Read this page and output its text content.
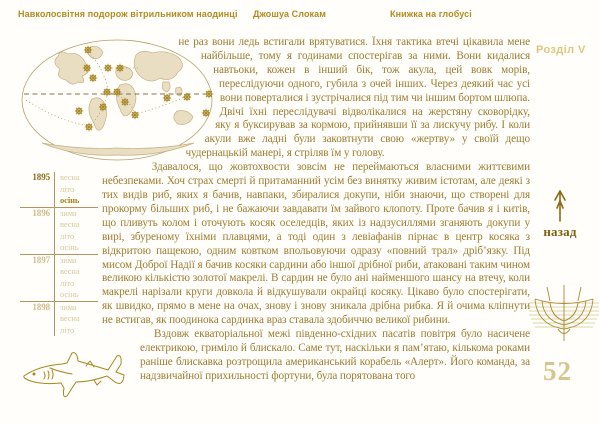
Навколосвітня подорож вітрильником наодинці Джошуа Слокам	Книжка на глобусі
Розділ V

не раз вони ледь встигали врятуватися. Їхня тактика втечі цікавила мене найбільше, тому я годинами спостерігав за ними. Вони кидалися навтьоки, кожен в інший бік, тож акула, цей вовк морів, переслідуючи одного, губила з очей інших. Через деякий час усі вони поверталися і зустрічалися під тим чи іншим бортом шлюпа. Двічі їхні переслідувачі відволікалися на жерстяну сковорідку, яку я буксирував за кормою, прийнявши її за лискучу рибу. І коли акули вже ладні були заковтнути свою «жертву» у своїй дещо чудернацькій манері, я стріляв їм у голову.

1895	весна
літо
осінь
1896	зима
весна
літо
осінь
1897	зима
весна
літо
осінь
1898	зима
весна
літо

Здавалося, що жовтохвости зовсім не переймаються власними життєвими небезпеками. Хоч страх смерті й притаманний усім без винятку живим істотам, але деякі з тих видів риб, яких я бачив, навпаки, збиралися докупи, ніби знаючи, що створені для прокорму більших риб, і не бажаючи завдавати їм зайвого клопоту. Проте бачив я і китів, що пливуть колом і оточують косяк оселедців, яких із надзусиллями зганяють докупи у вирі, збуреному їхніми плавцями, а тоді один з левіафанів пірнає в центр косяка з відкритою пащекою, одним ковтком впольовуючи одразу «повний трал» дріб’язку. Під мисом Доброї Надії я бачив косяки сардини або іншої дрібної риби, атаковані таким чином великою кількістю золотої макрелі. В сардин не було ані найменшого шансу на втечу, коли макрелі нарізали круги довкола й відкушували окрайці косяку. Цікаво було спостерігати, як швидко, прямо в мене на очах, знову і знову зникала дрібна рибка. Я й очима кліпнути не встигав, як поодинока сардинка враз ставала здобиччю великої рибини.

Вздовж екваторіальної межі південно-східних пасатів повітря було насичене електрикою, гриміло й блискало. Саме тут, наскільки я пам’ятаю, кількома роками раніше блискавка розтрощила американський корабель «Алерт». Його команда, за надзвичайної прихильності фортуни, була порятована того

назад
52
